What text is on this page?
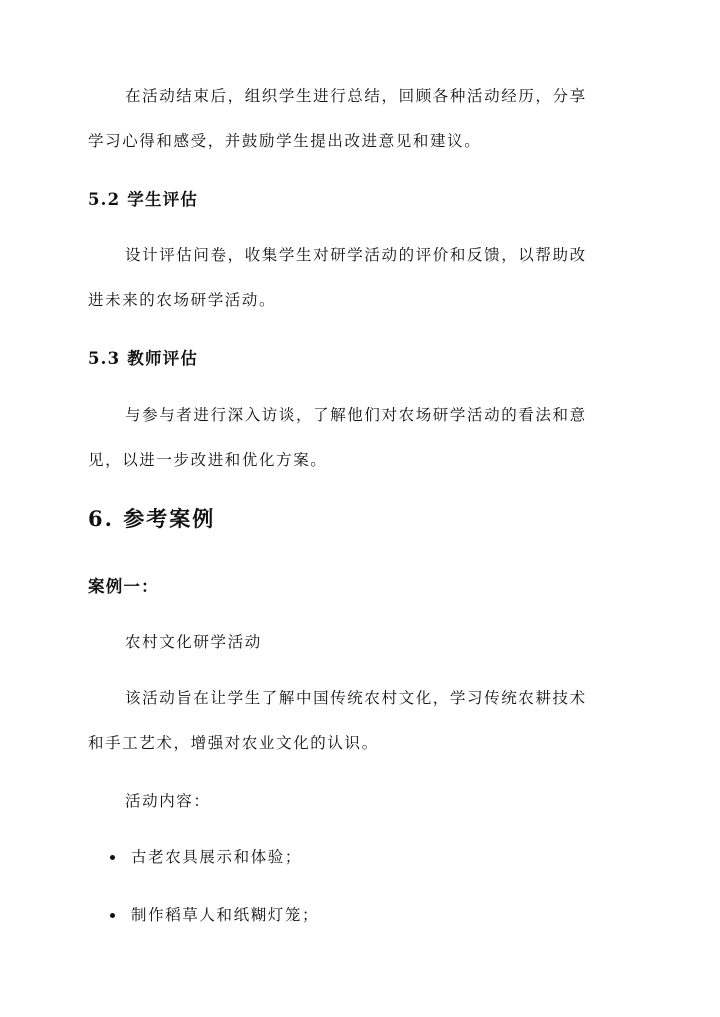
在活动结束后，组织学生进行总结，回顾各种活动经历，分享
学习心得和感受，并鼓励学生提出改进意见和建议。
5.2 学生评估
设计评估问卷，收集学生对研学活动的评价和反馈，以帮助改
进未来的农场研学活动。
5.3 教师评估
与参与者进行深入访谈，了解他们对农场研学活动的看法和意
见，以进一步改进和优化方案。
6. 参考案例
案例一：
农村文化研学活动
该活动旨在让学生了解中国传统农村文化，学习传统农耕技术
和手工艺术，增强对农业文化的认识。
活动内容：
古老农具展示和体验；
制作稻草人和纸糊灯笼；
